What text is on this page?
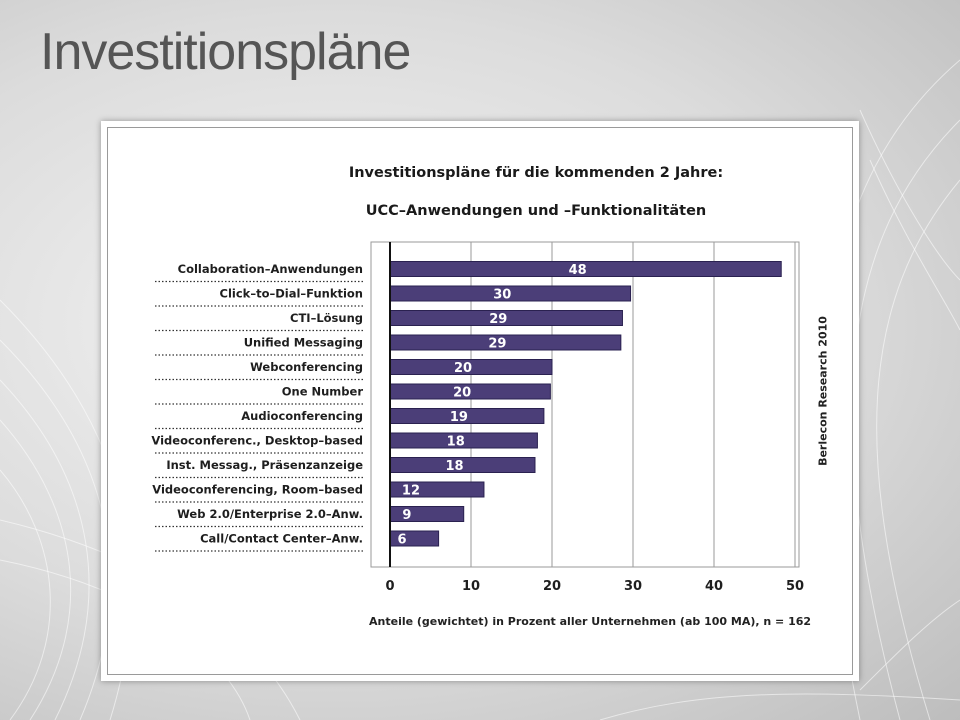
Investitionspläne
Investitionspläne für die kommenden 2 Jahre:
UCC–Anwendungen und –Funktionalitäten
Collaboration–Anwendungen
Click–to–Dial–Funktion
CTI–Lösung
Unified Messaging
Webconferencing
One Number
Audioconferencing
Videoconferenc., Desktop–based
Inst. Messag., Präsenzanzeige
Videoconferencing, Room–based
Web 2.0/Enterprise 2.0–Anw.
Call/Contact Center–Anw.
48
30
29
29
20
20
19
18
18
12
9
6
0	10	20	30	40	50
Berlecon Research 2010
Anteile (gewichtet) in Prozent aller Unternehmen (ab 100 MA), n = 162
